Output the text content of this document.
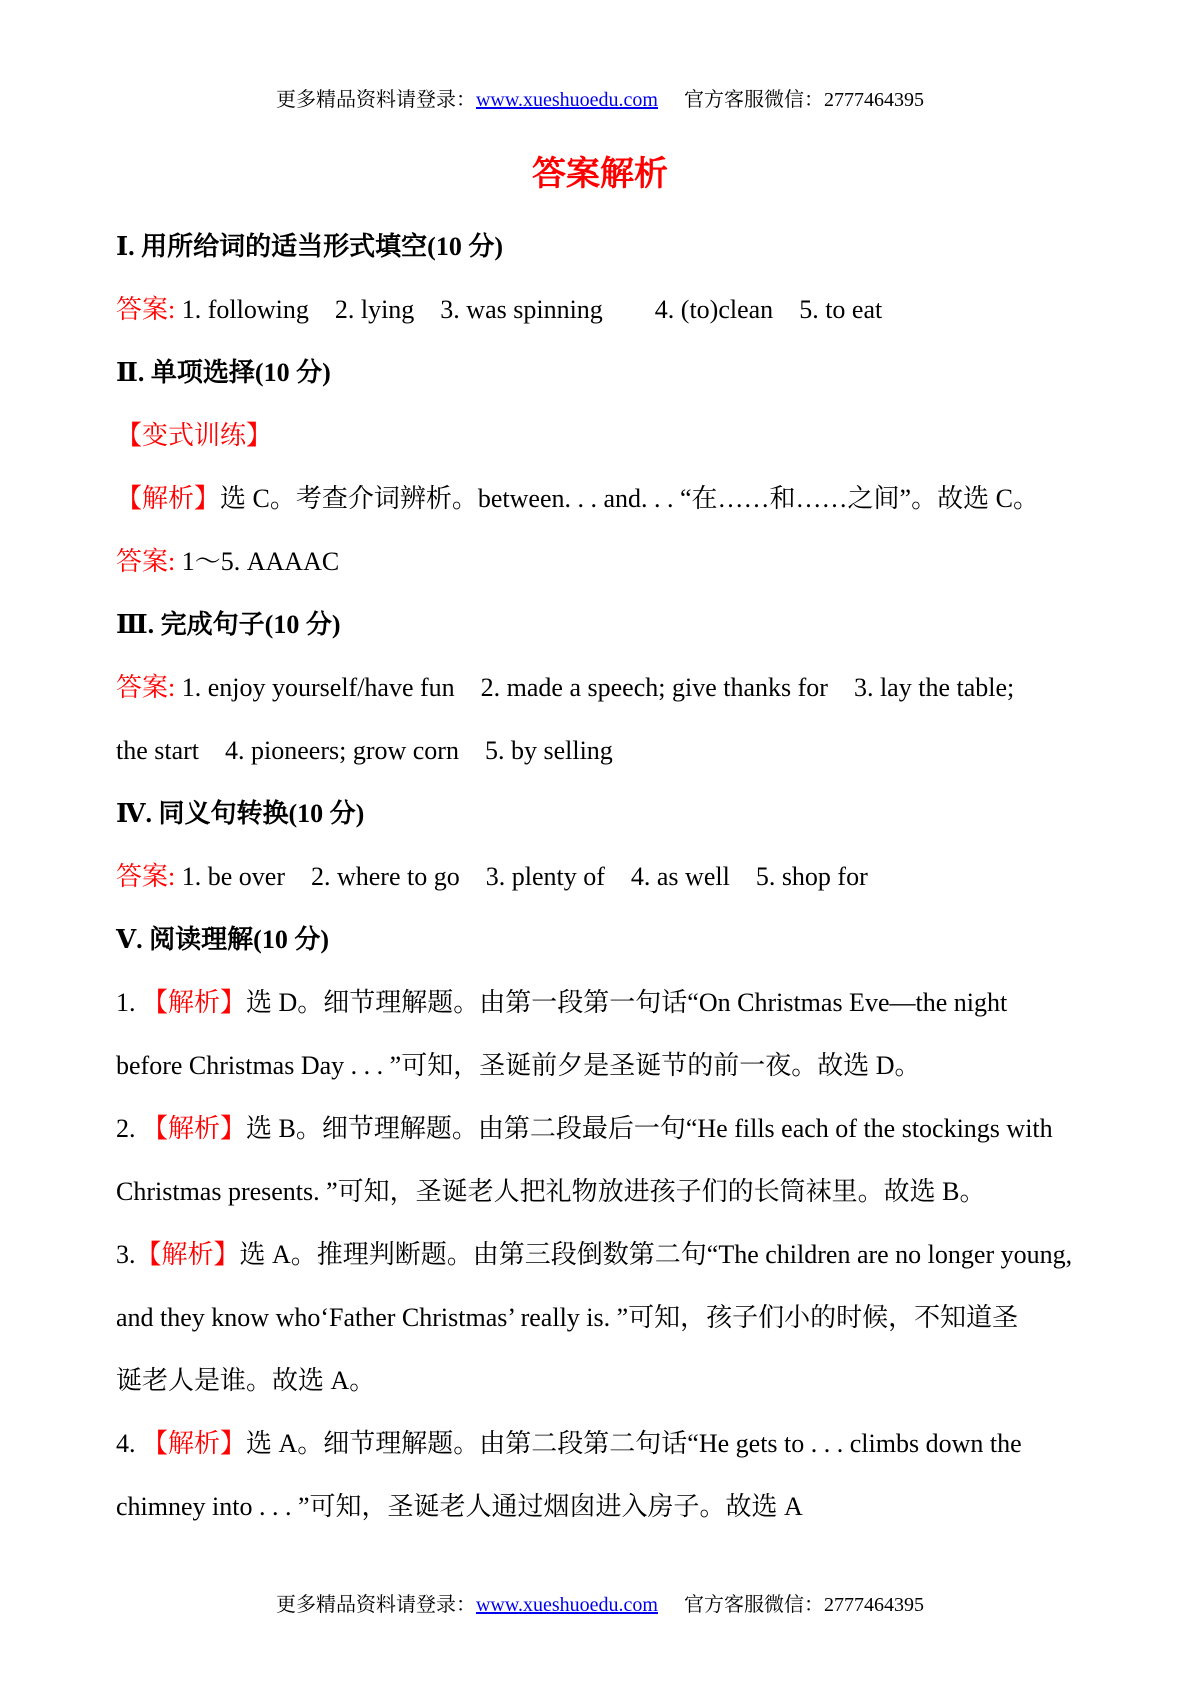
更多精品资料请登录：www.xueshuoedu.com 官方客服微信：2777464395
答案解析
Ⅰ. 用所给词的适当形式填空(10 分)
答案: 1. following 2. lying 3. was spinning 4. (to)clean 5. to eat
Ⅱ. 单项选择(10 分)
【变式训练】
【解析】选 C。考查介词辨析。between. . . and. . . “在……和……之间”。故选 C。
答案: 1～5. AAAAC
Ⅲ. 完成句子(10 分)
答案: 1. enjoy yourself/have fun 2. made a speech; give thanks for 3. lay the table;
the start 4. pioneers; grow corn 5. by selling
Ⅳ. 同义句转换(10 分)
答案: 1. be over 2. where to go 3. plenty of 4. as well 5. shop for
Ⅴ. 阅读理解(10 分)
1. 【解析】选 D。细节理解题。由第一段第一句话“On Christmas Eve—the night
before Christmas Day . . . ”可知，圣诞前夕是圣诞节的前一夜。故选 D。
2. 【解析】选 B。细节理解题。由第二段最后一句“He fills each of the stockings with
Christmas presents. ”可知，圣诞老人把礼物放进孩子们的长筒袜里。故选 B。
3.【解析】选 A。推理判断题。由第三段倒数第二句“The children are no longer young,
and they know who‘Father Christmas’ really is. ”可知，孩子们小的时候，不知道圣
诞老人是谁。故选 A。
4. 【解析】选 A。细节理解题。由第二段第二句话“He gets to . . . climbs down the
chimney into . . . ”可知，圣诞老人通过烟囱进入房子。故选 A
更多精品资料请登录：www.xueshuoedu.com 官方客服微信：2777464395
